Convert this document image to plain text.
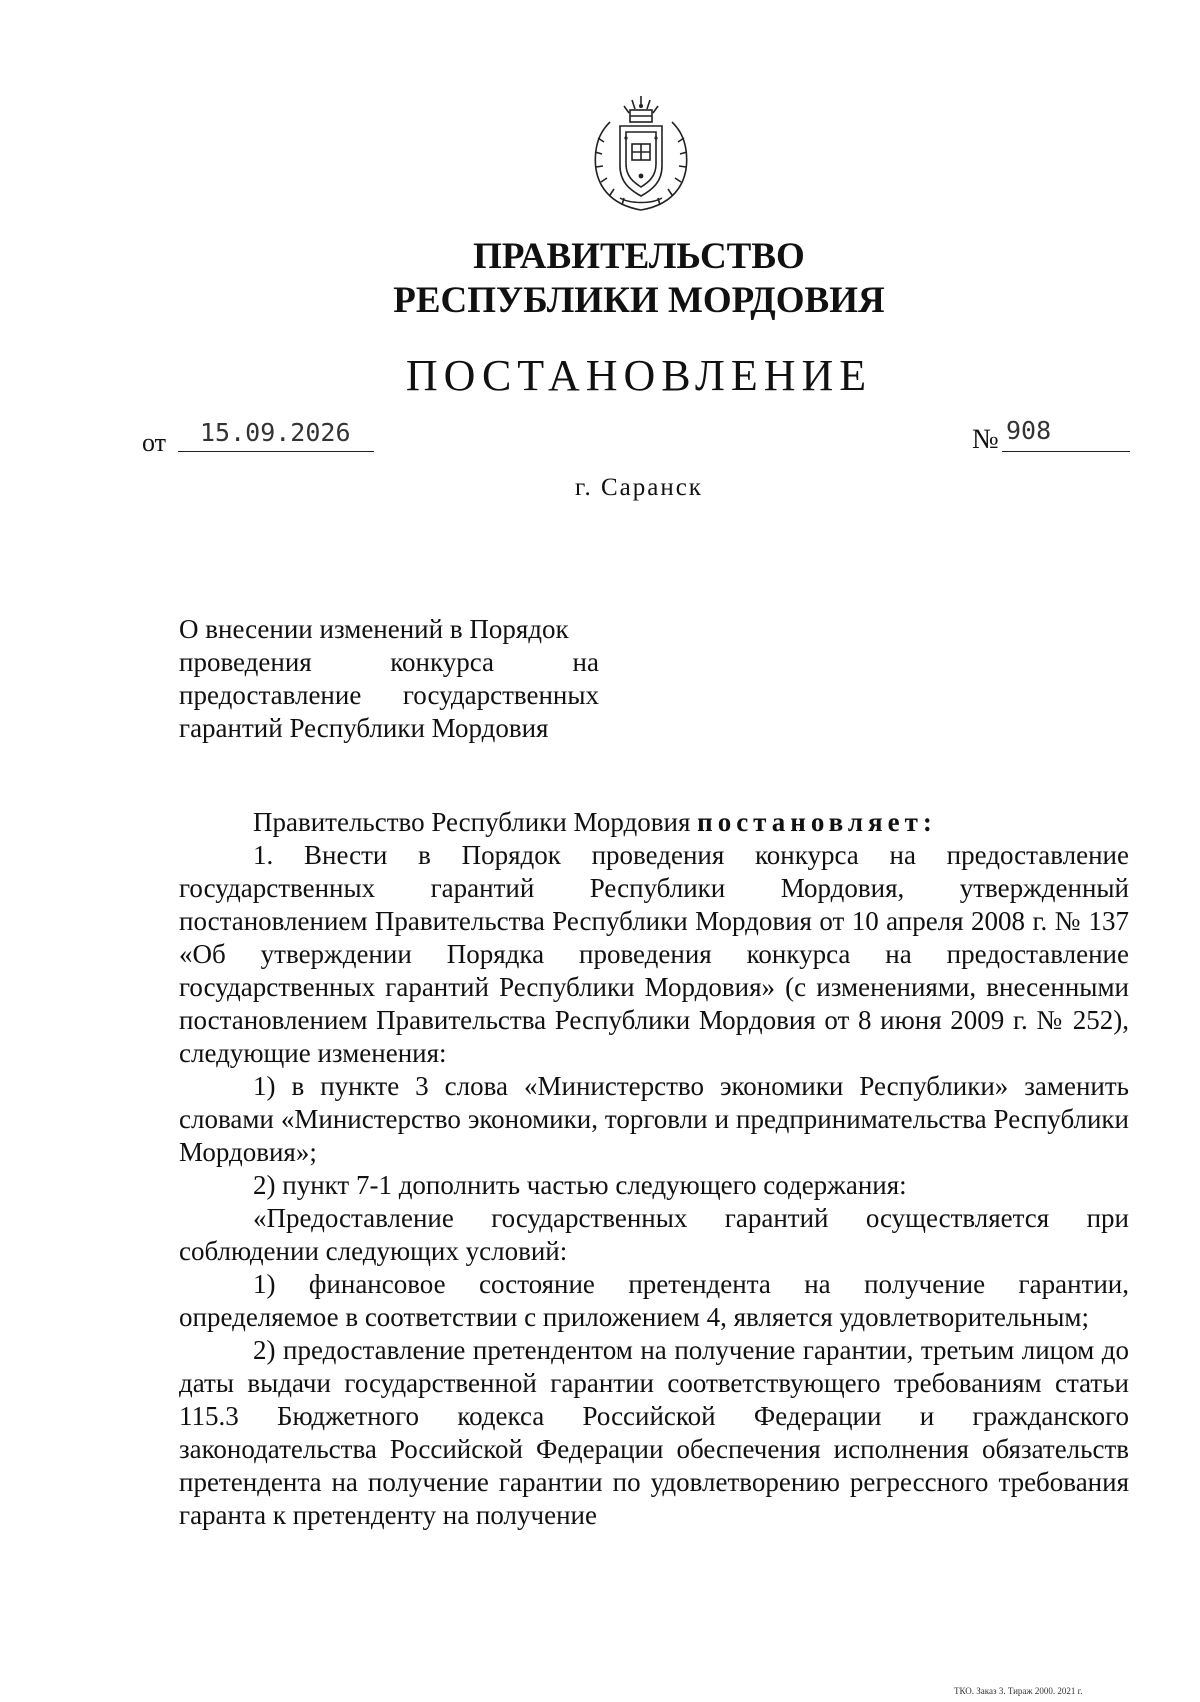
ПРАВИТЕЛЬСТВО
РЕСПУБЛИКИ МОРДОВИЯ
ПОСТАНОВЛЕНИЕ
от 15.09.2026	№ 908
г. Саранск
О внесении изменений в Порядок
проведения конкурса на
предоставление государственных
гарантий Республики Мордовия

Правительство Республики Мордовия постановляет:

1. Внести в Порядок проведения конкурса на предоставление государственных гарантий Республики Мордовия, утвержденный постановлением Правительства Республики Мордовия от 10 апреля 2008 г. № 137 «Об утверждении Порядка проведения конкурса на предоставление государственных гарантий Республики Мордовия» (с изменениями, внесенными постановлением Правительства Республики Мордовия от 8 июня 2009 г. № 252), следующие изменения:

1) в пункте 3 слова «Министерство экономики Республики» заменить словами «Министерство экономики, торговли и предпринимательства Республики Мордовия»;

2) пункт 7-1 дополнить частью следующего содержания:

«Предоставление государственных гарантий осуществляется при соблюдении следующих условий:

1) финансовое состояние претендента на получение гарантии, определяемое в соответствии с приложением 4, является удовлетворительным;

2) предоставление претендентом на получение гарантии, третьим лицом до даты выдачи государственной гарантии соответствующего требованиям статьи 115.3 Бюджетного кодекса Российской Федерации и гражданского законодательства Российской Федерации обеспечения исполнения обязательств претендента на получение гарантии по удовлетворению регрессного требования гаранта к претенденту на получение

ТКО. Заказ 3. Тираж 2000. 2021 г.
